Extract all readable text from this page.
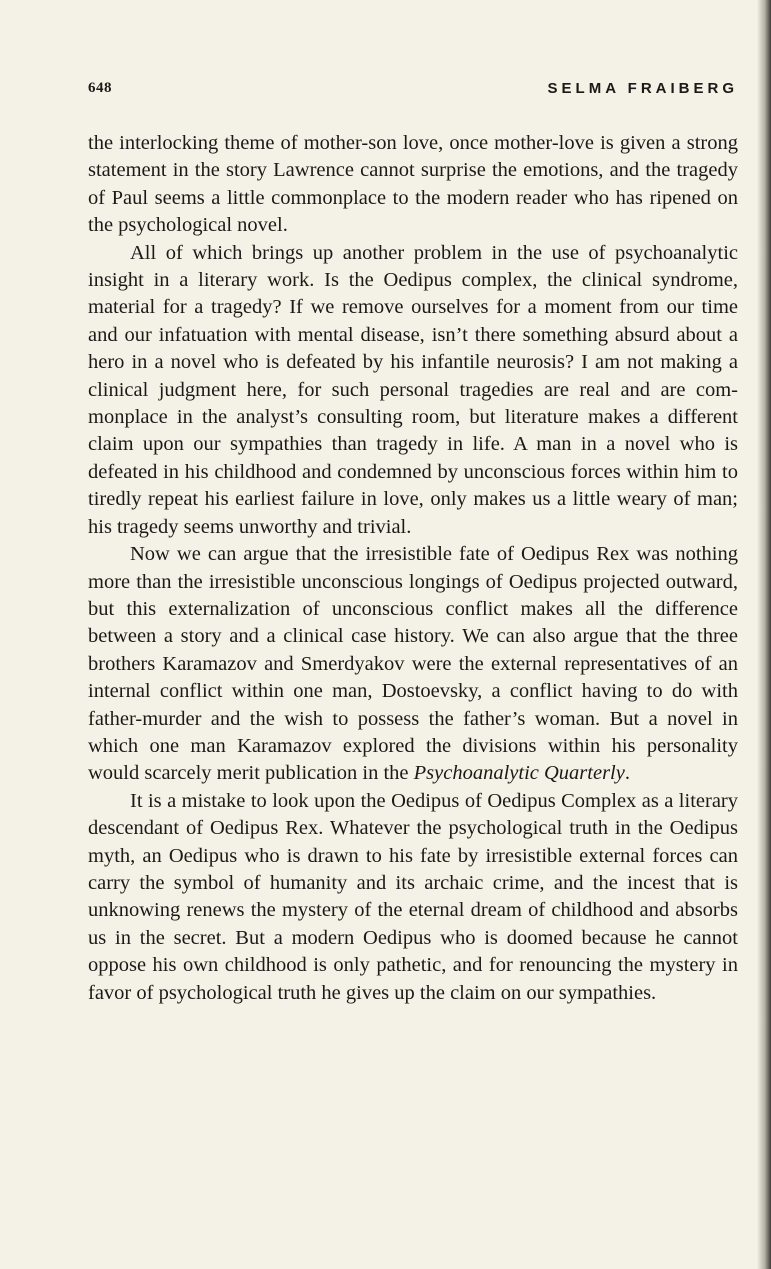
648	SELMA FRAIBERG

the interlocking theme of mother-son love, once mother-love is given a strong statement in the story Lawrence cannot surprise the emotions, and the tragedy of Paul seems a little commonplace to the modern reader who has ripened on the psychological novel.

All of which brings up another problem in the use of psychoanalytic insight in a literary work. Is the Oedipus complex, the clinical syndrome, material for a tragedy? If we remove ourselves for a moment from our time and our infatuation with mental disease, isn’t there something absurd about a hero in a novel who is defeated by his infantile neurosis? I am not making a clinical judgment here, for such personal tragedies are real and are commonplace in the analyst’s consulting room, but literature makes a different claim upon our sympathies than tragedy in life. A man in a novel who is defeated in his childhood and condemned by unconscious forces within him to tiredly repeat his earliest failure in love, only makes us a little weary of man; his tragedy seems unworthy and trivial.

Now we can argue that the irresistible fate of Oedipus Rex was nothing more than the irresistible unconscious longings of Oedipus projected outward, but this externalization of unconscious conflict makes all the difference between a story and a clinical case history. We can also argue that the three brothers Karamazov and Smerdyakov were the external representatives of an internal conflict within one man, Dostoevsky, a conflict having to do with father-murder and the wish to possess the father’s woman. But a novel in which one man Karamazov explored the divisions within his personality would scarcely merit publication in the Psychoanalytic Quarterly.

It is a mistake to look upon the Oedipus of Oedipus Complex as a literary descendant of Oedipus Rex. Whatever the psychological truth in the Oedipus myth, an Oedipus who is drawn to his fate by irresistible external forces can carry the symbol of humanity and its archaic crime, and the incest that is unknowing renews the mystery of the eternal dream of childhood and absorbs us in the secret. But a modern Oedipus who is doomed because he cannot oppose his own childhood is only pathetic, and for renouncing the mystery in favor of psychological truth he gives up the claim on our sympathies.
